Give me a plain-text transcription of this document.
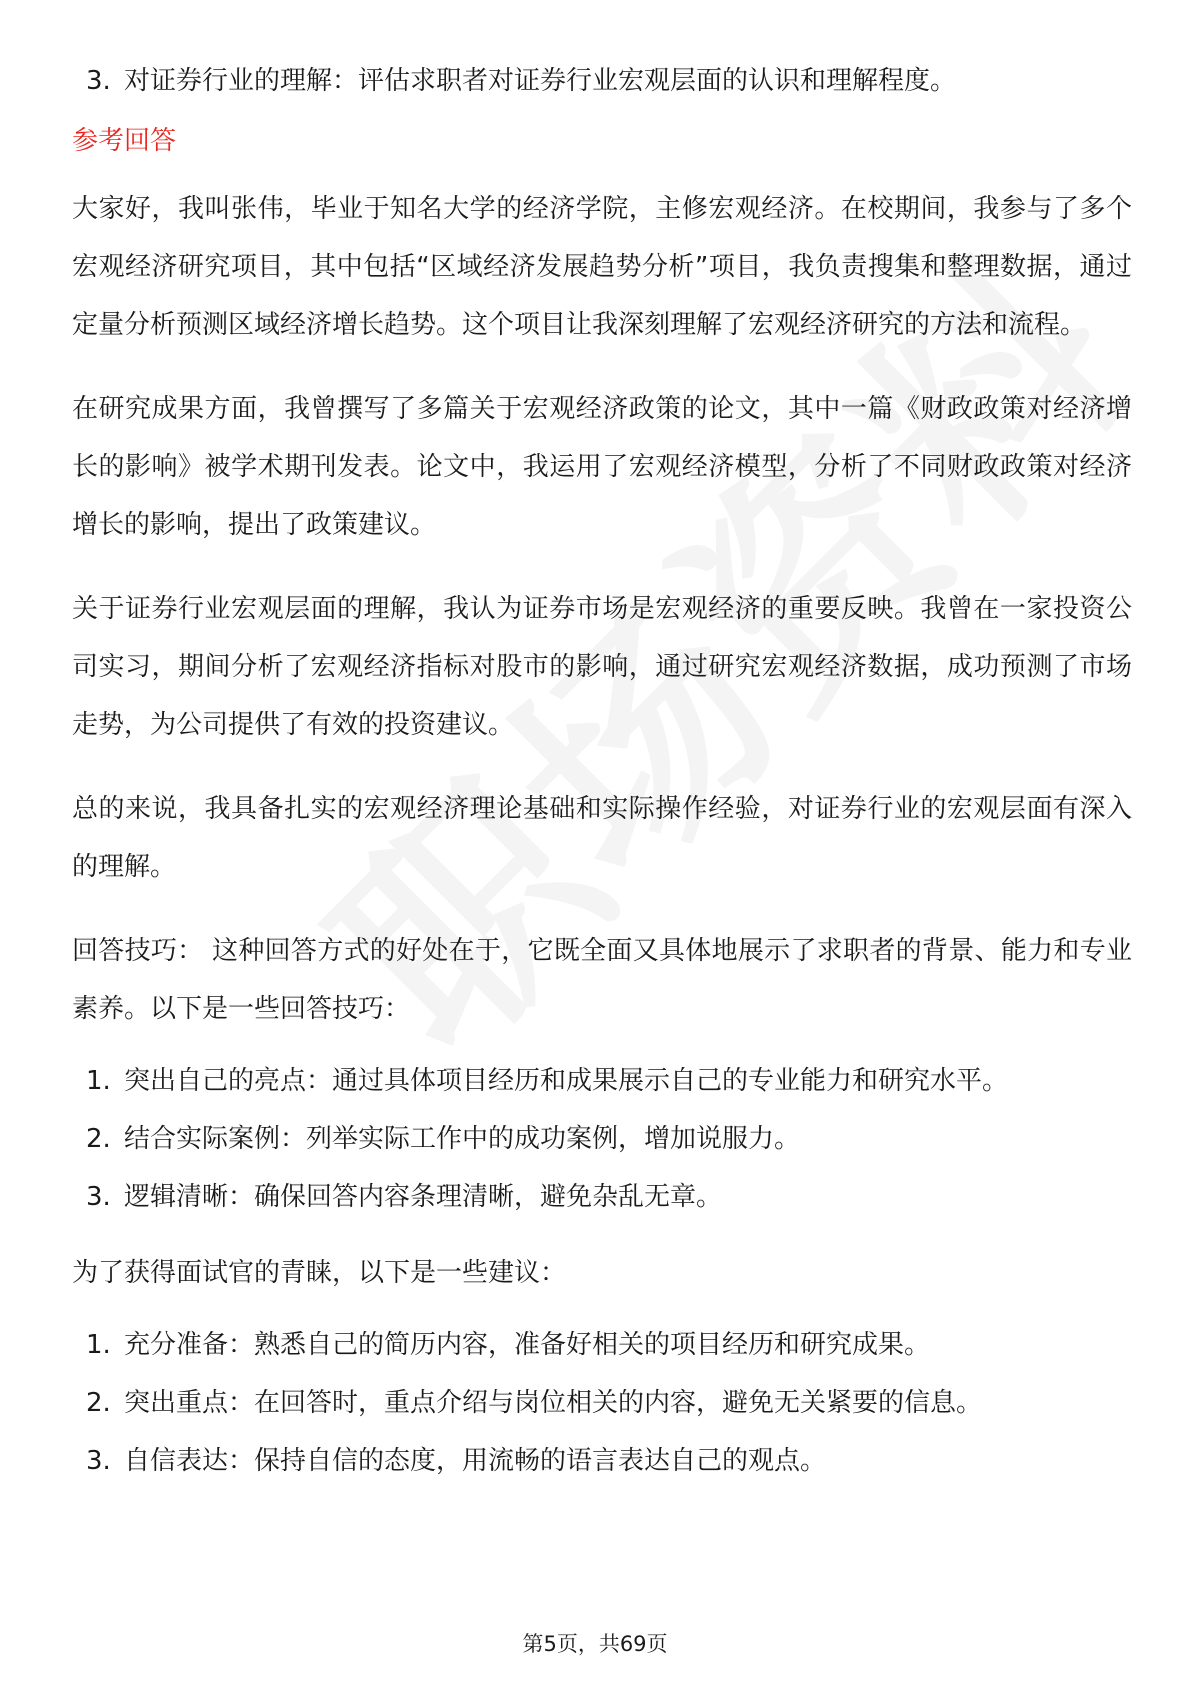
3. 对证券行业的理解：评估求职者对证券行业宏观层面的认识和理解程度。
参考回答

大家好，我叫张伟，毕业于知名大学的经济学院，主修宏观经济。在校期间，我参与了多个宏观经济研究项目，其中包括“区域经济发展趋势分析”项目，我负责搜集和整理数据，通过定量分析预测区域经济增长趋势。这个项目让我深刻理解了宏观经济研究的方法和流程。

在研究成果方面，我曾撰写了多篇关于宏观经济政策的论文，其中一篇《财政政策对经济增长的影响》被学术期刊发表。论文中，我运用了宏观经济模型，分析了不同财政政策对经济增长的影响，提出了政策建议。

关于证券行业宏观层面的理解，我认为证券市场是宏观经济的重要反映。我曾在一家投资公司实习，期间分析了宏观经济指标对股市的影响，通过研究宏观经济数据，成功预测了市场走势，为公司提供了有效的投资建议。

总的来说，我具备扎实的宏观经济理论基础和实际操作经验，对证券行业的宏观层面有深入的理解。

回答技巧： 这种回答方式的好处在于，它既全面又具体地展示了求职者的背景、能力和专业素养。以下是一些回答技巧：

1. 突出自己的亮点：通过具体项目经历和成果展示自己的专业能力和研究水平。
2. 结合实际案例：列举实际工作中的成功案例，增加说服力。
3. 逻辑清晰：确保回答内容条理清晰，避免杂乱无章。

为了获得面试官的青睐，以下是一些建议：

1. 充分准备：熟悉自己的简历内容，准备好相关的项目经历和研究成果。
2. 突出重点：在回答时，重点介绍与岗位相关的内容，避免无关紧要的信息。
3. 自信表达：保持自信的态度，用流畅的语言表达自己的观点。
第5页，共69页
